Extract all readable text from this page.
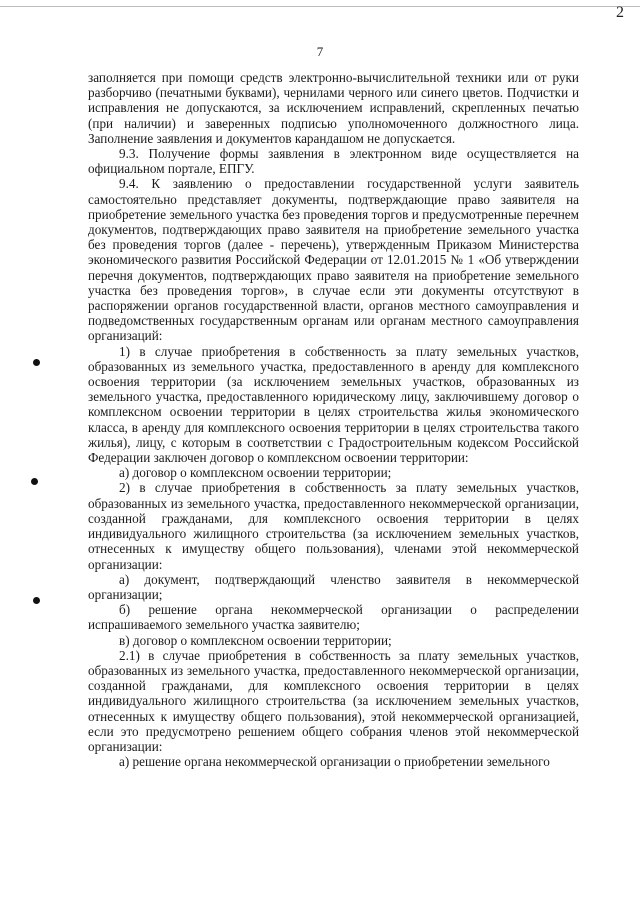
2
7

заполняется при помощи средств электронно-вычислительной техники или от руки разборчиво (печатными буквами), чернилами черного или синего цветов. Подчистки и исправления не допускаются, за исключением исправлений, скрепленных печатью (при наличии) и заверенных подписью уполномоченного должностного лица. Заполнение заявления и документов карандашом не допускается.

9.3. Получение формы заявления в электронном виде осуществляется на официальном портале, ЕПГУ.

9.4. К заявлению о предоставлении государственной услуги заявитель самостоятельно представляет документы, подтверждающие право заявителя на приобретение земельного участка без проведения торгов и предусмотренные перечнем документов, подтверждающих право заявителя на приобретение земельного участка без проведения торгов (далее - перечень), утвержденным Приказом Министерства экономического развития Российской Федерации от 12.01.2015 № 1 «Об утверждении перечня документов, подтверждающих право заявителя на приобретение земельного участка без проведения торгов», в случае если эти документы отсутствуют в распоряжении органов государственной власти, органов местного самоуправления и подведомственных государственным органам или органам местного самоуправления организаций:

1) в случае приобретения в собственность за плату земельных участков, образованных из земельного участка, предоставленного в аренду для комплексного освоения территории (за исключением земельных участков, образованных из земельного участка, предоставленного юридическому лицу, заключившему договор о комплексном освоении территории в целях строительства жилья экономического класса, в аренду для комплексного освоения территории в целях строительства такого жилья), лицу, с которым в соответствии с Градостроительным кодексом Российской Федерации заключен договор о комплексном освоении территории:

а) договор о комплексном освоении территории;

2) в случае приобретения в собственность за плату земельных участков, образованных из земельного участка, предоставленного некоммерческой организации, созданной гражданами, для комплексного освоения территории в целях индивидуального жилищного строительства (за исключением земельных участков, отнесенных к имуществу общего пользования), членами этой некоммерческой организации:

а) документ, подтверждающий членство заявителя в некоммерческой организации;

б) решение органа некоммерческой организации о распределении испрашиваемого земельного участка заявителю;

в) договор о комплексном освоении территории;

2.1) в случае приобретения в собственность за плату земельных участков, образованных из земельного участка, предоставленного некоммерческой организации, созданной гражданами, для комплексного освоения территории в целях индивидуального жилищного строительства (за исключением земельных участков, отнесенных к имуществу общего пользования), этой некоммерческой организацией, если это предусмотрено решением общего собрания членов этой некоммерческой организации:

а) решение органа некоммерческой организации о приобретении земельного
